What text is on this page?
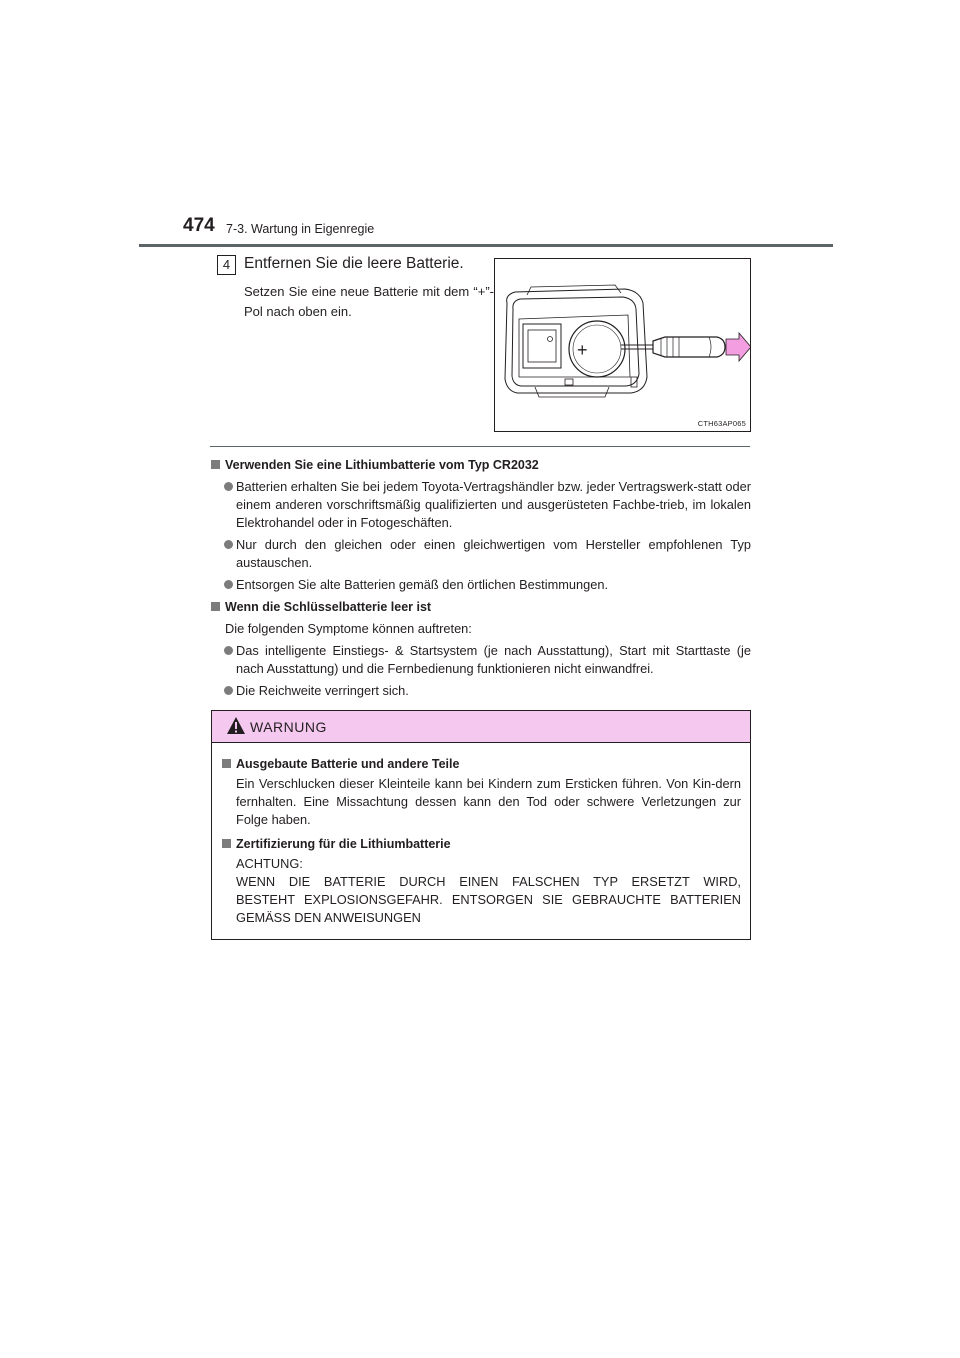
474 7-3. Wartung in Eigenregie
4 Entfernen Sie die leere Batterie.
Setzen Sie eine neue Batterie mit dem “+”-Pol nach oben ein.
+
CTH63AP065
Verwenden Sie eine Lithiumbatterie vom Typ CR2032
Batterien erhalten Sie bei jedem Toyota-Vertragshändler bzw. jeder Vertragswerk-statt oder einem anderen vorschriftsmäßig qualifizierten und ausgerüsteten Fachbe-trieb, im lokalen Elektrohandel oder in Fotogeschäften.
Nur durch den gleichen oder einen gleichwertigen vom Hersteller empfohlenen Typ austauschen.
Entsorgen Sie alte Batterien gemäß den örtlichen Bestimmungen.
Wenn die Schlüsselbatterie leer ist
Die folgenden Symptome können auftreten:
Das intelligente Einstiegs- & Startsystem (je nach Ausstattung), Start mit Starttaste (je nach Ausstattung) und die Fernbedienung funktionieren nicht einwandfrei.
Die Reichweite verringert sich.
WARNUNG
Ausgebaute Batterie und andere Teile
Ein Verschlucken dieser Kleinteile kann bei Kindern zum Ersticken führen. Von Kin-dern fernhalten. Eine Missachtung dessen kann den Tod oder schwere Verletzungen zur Folge haben.
Zertifizierung für die Lithiumbatterie
ACHTUNG:
WENN DIE BATTERIE DURCH EINEN FALSCHEN TYP ERSETZT WIRD,
BESTEHT EXPLOSIONSGEFAHR. ENTSORGEN SIE GEBRAUCHTE BATTERIEN
GEMÄSS DEN ANWEISUNGEN
